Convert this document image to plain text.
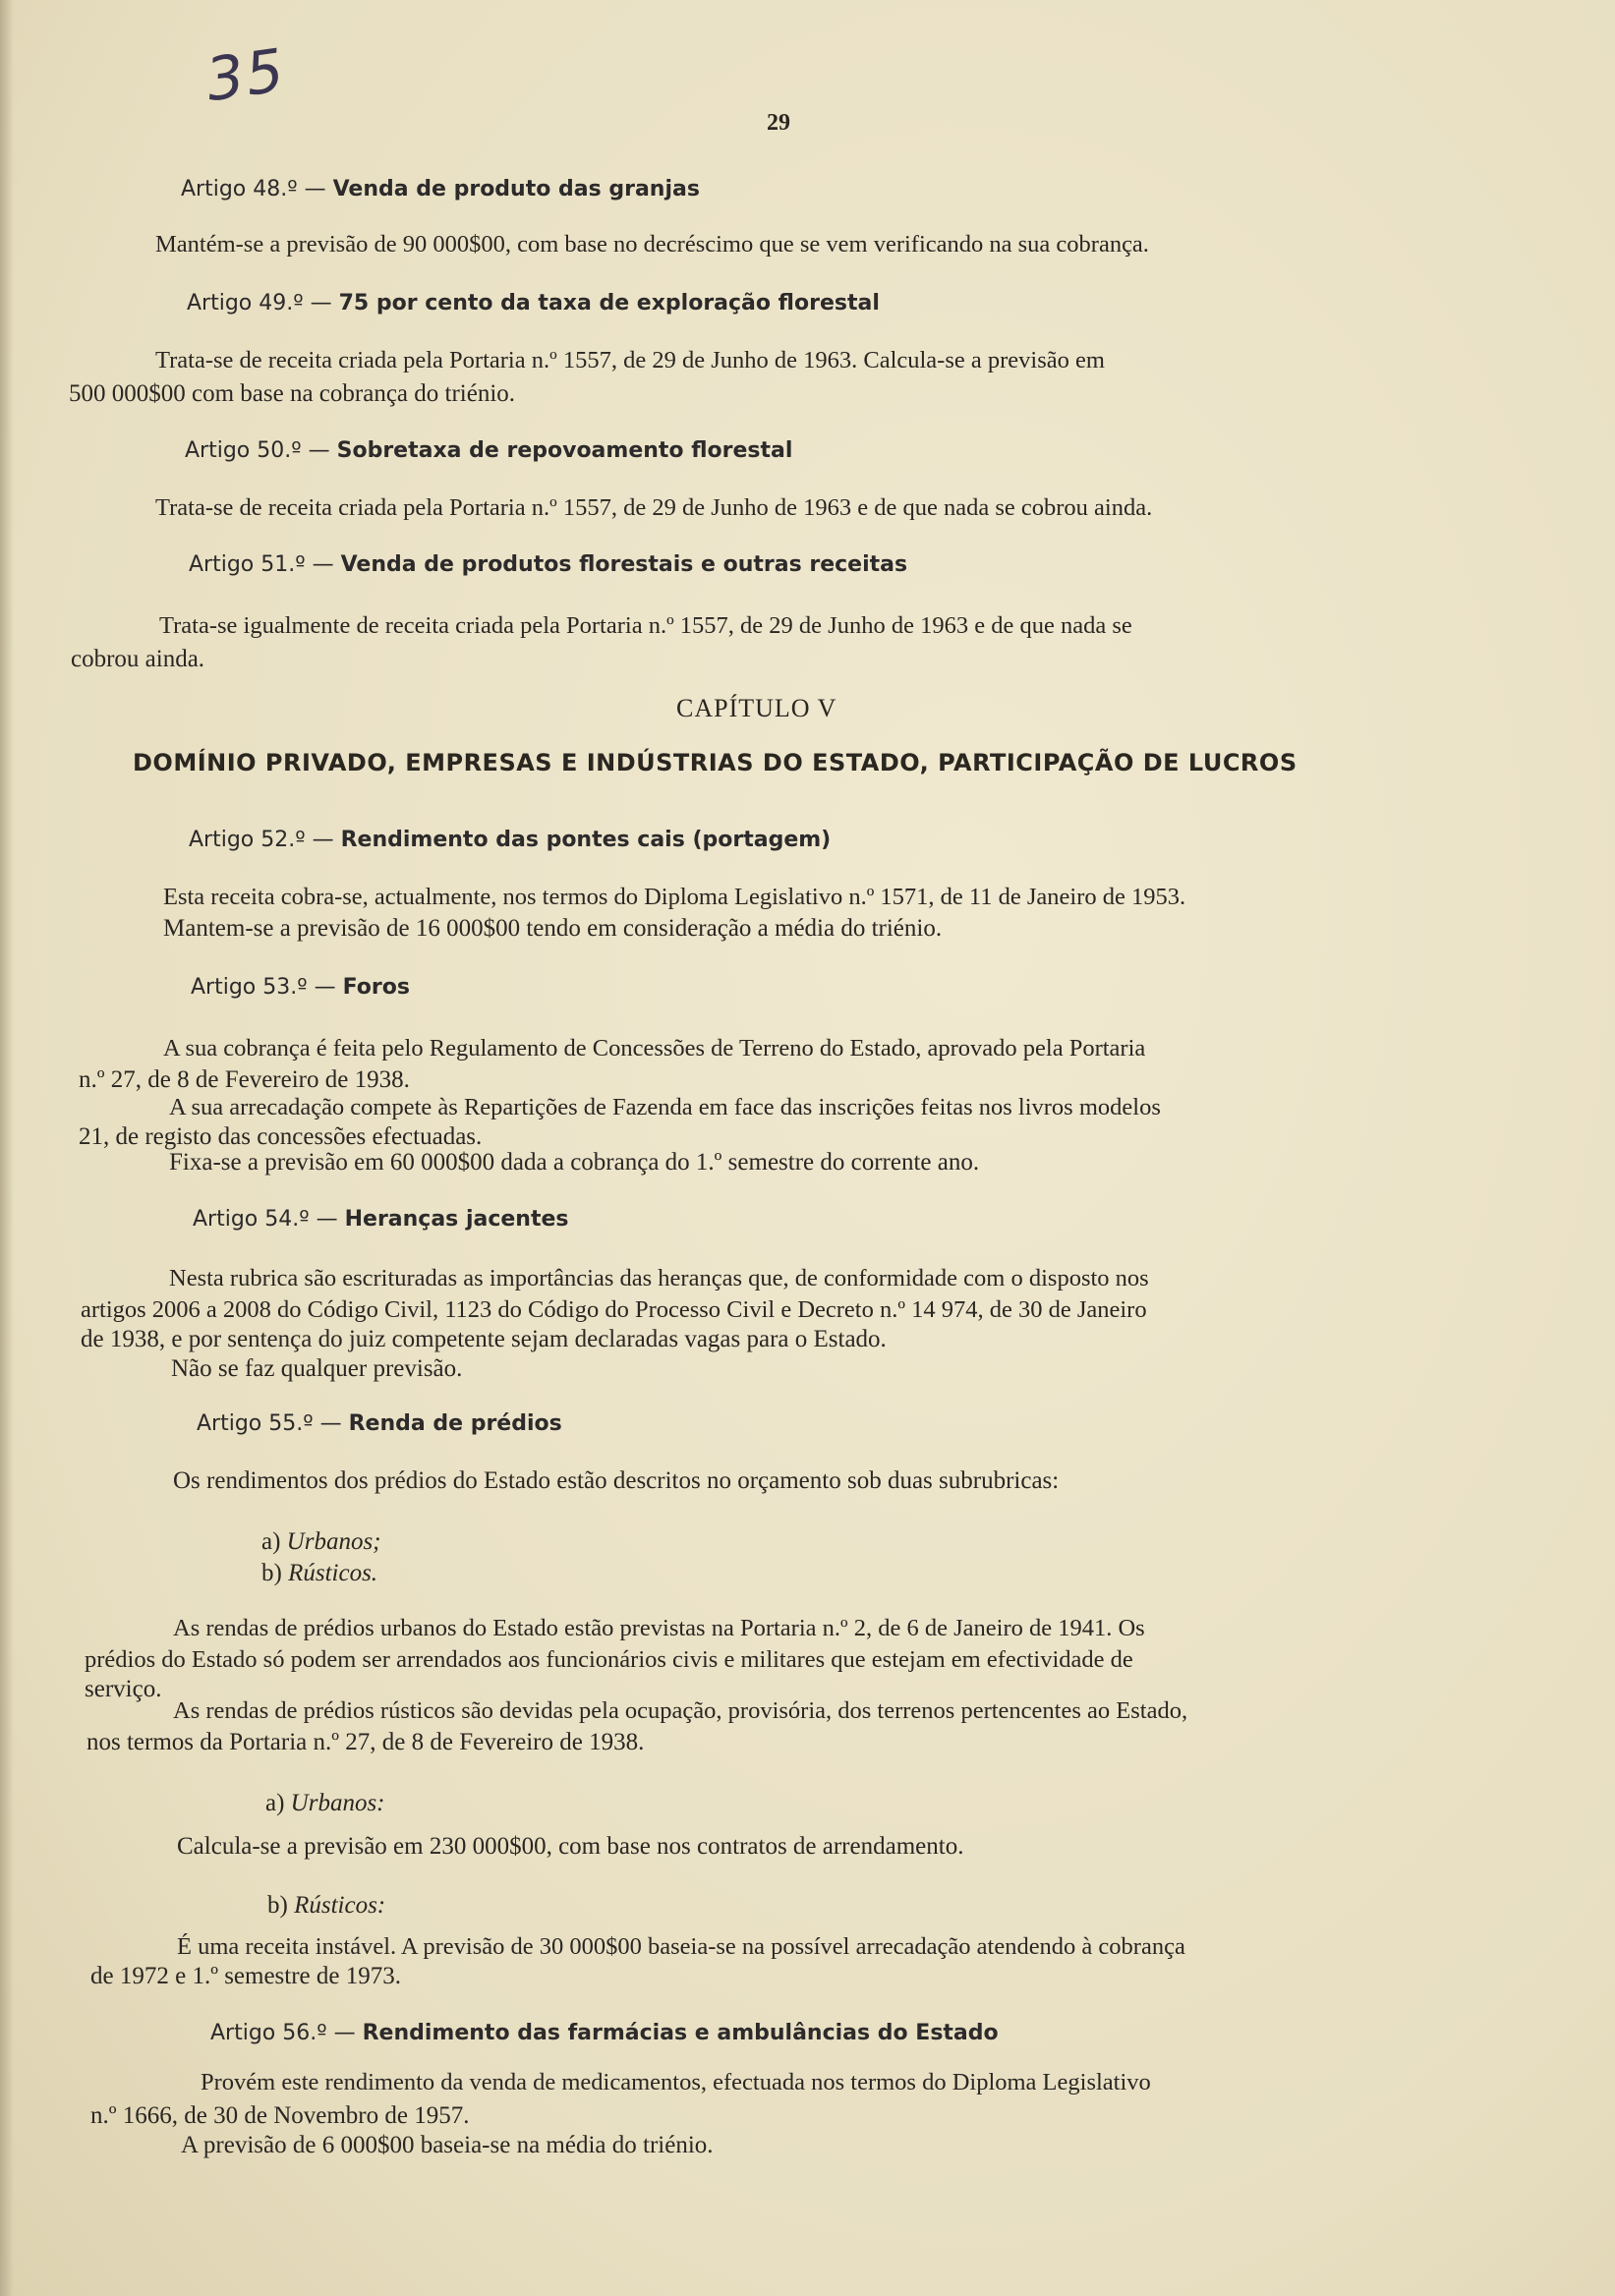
35
29
Artigo 48.º — Venda de produto das granjas
Mantém-se a previsão de 90 000$00, com base no decréscimo que se vem verificando na sua cobrança.
Artigo 49.º — 75 por cento da taxa de exploração florestal
Trata-se de receita criada pela Portaria n.º 1557, de 29 de Junho de 1963. Calcula-se a previsão em
500 000$00 com base na cobrança do triénio.
Artigo 50.º — Sobretaxa de repovoamento florestal
Trata-se de receita criada pela Portaria n.º 1557, de 29 de Junho de 1963 e de que nada se cobrou ainda.
Artigo 51.º — Venda de produtos florestais e outras receitas
Trata-se igualmente de receita criada pela Portaria n.º 1557, de 29 de Junho de 1963 e de que nada se
cobrou ainda.
CAPÍTULO V
DOMÍNIO PRIVADO, EMPRESAS E INDÚSTRIAS DO ESTADO, PARTICIPAÇÃO DE LUCROS
Artigo 52.º — Rendimento das pontes cais (portagem)
Esta receita cobra-se, actualmente, nos termos do Diploma Legislativo n.º 1571, de 11 de Janeiro de 1953.
Mantem-se a previsão de 16 000$00 tendo em consideração a média do triénio.
Artigo 53.º — Foros
A sua cobrança é feita pelo Regulamento de Concessões de Terreno do Estado, aprovado pela Portaria
n.º 27, de 8 de Fevereiro de 1938.
A sua arrecadação compete às Repartições de Fazenda em face das inscrições feitas nos livros modelos
21, de registo das concessões efectuadas.
Fixa-se a previsão em 60 000$00 dada a cobrança do 1.º semestre do corrente ano.
Artigo 54.º — Heranças jacentes
Nesta rubrica são escrituradas as importâncias das heranças que, de conformidade com o disposto nos
artigos 2006 a 2008 do Código Civil, 1123 do Código do Processo Civil e Decreto n.º 14 974, de 30 de Janeiro
de 1938, e por sentença do juiz competente sejam declaradas vagas para o Estado.
Não se faz qualquer previsão.
Artigo 55.º — Renda de prédios
Os rendimentos dos prédios do Estado estão descritos no orçamento sob duas subrubricas:
a) Urbanos;
b) Rústicos.
As rendas de prédios urbanos do Estado estão previstas na Portaria n.º 2, de 6 de Janeiro de 1941. Os
prédios do Estado só podem ser arrendados aos funcionários civis e militares que estejam em efectividade de
serviço.
As rendas de prédios rústicos são devidas pela ocupação, provisória, dos terrenos pertencentes ao Estado,
nos termos da Portaria n.º 27, de 8 de Fevereiro de 1938.
a) Urbanos:
Calcula-se a previsão em 230 000$00, com base nos contratos de arrendamento.
b) Rústicos:
É uma receita instável. A previsão de 30 000$00 baseia-se na possível arrecadação atendendo à cobrança
de 1972 e 1.º semestre de 1973.
Artigo 56.º — Rendimento das farmácias e ambulâncias do Estado
Provém este rendimento da venda de medicamentos, efectuada nos termos do Diploma Legislativo
n.º 1666, de 30 de Novembro de 1957.
A previsão de 6 000$00 baseia-se na média do triénio.
